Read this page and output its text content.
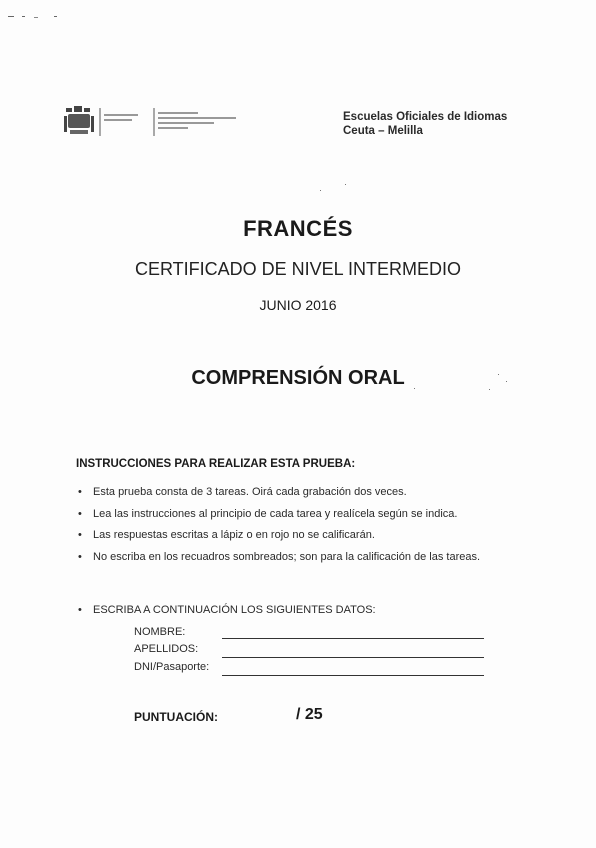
Escuelas Oficiales de Idiomas
Ceuta – Melilla
FRANCÉS
CERTIFICADO DE NIVEL INTERMEDIO
JUNIO 2016
COMPRENSIÓN ORAL
INSTRUCCIONES PARA REALIZAR ESTA PRUEBA:
• Esta prueba consta de 3 tareas. Oirá cada grabación dos veces.
• Lea las instrucciones al principio de cada tarea y realícela según se indica.
• Las respuestas escritas a lápiz o en rojo no se calificarán.
• No escriba en los recuadros sombreados; son para la calificación de las tareas.
• ESCRIBA A CONTINUACIÓN LOS SIGUIENTES DATOS:
NOMBRE:
APELLIDOS:
DNI/Pasaporte:
PUNTUACIÓN:	/ 25
